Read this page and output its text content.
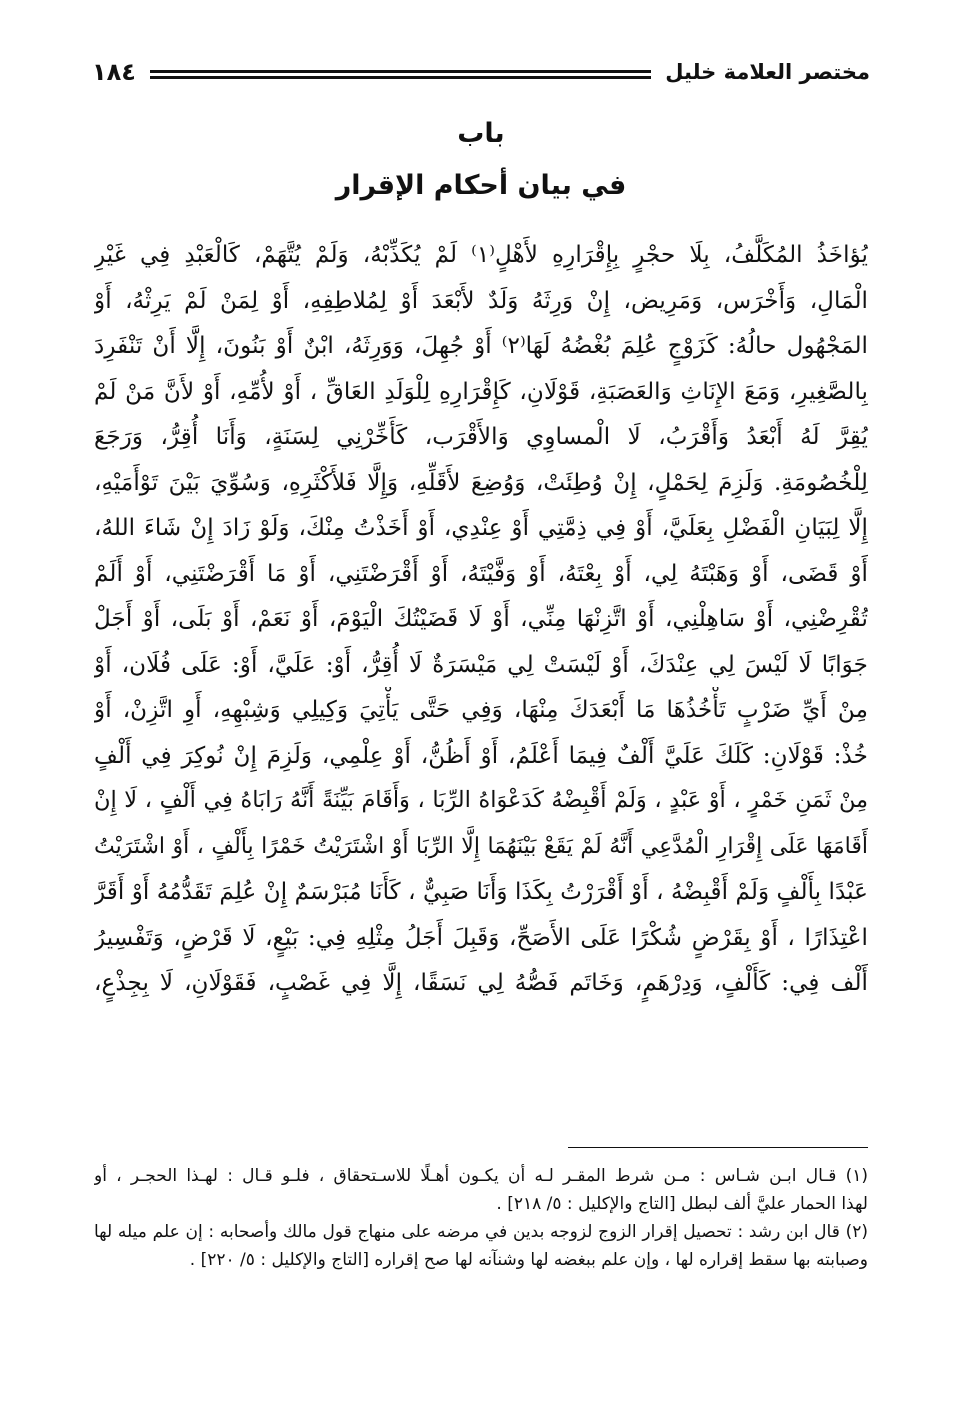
١٨٤	مختصر العلامة خليل
باب
في بيان أحكام الإقرار
يُؤاخَذُ المُكَلَّفُ، بِلَا حجْرٍ بِإِقْرَارِهِ لأَهْلٍ⁽١⁾ لَمْ يُكَذِّبْهُ، وَلَمْ يُتَّهَمْ، كَالْعَبْدِ فِي غَيْرِ
الْمَالِ، وَأَخْرَس، وَمَرِيض، إِنْ وَرِثَهُ وَلَدٌ لأَبْعَدَ أَوْ لِمُلاطِفِهِ، أَوْ لِمَنْ لَمْ يَرِثْهُ، أَوْ
المَجْهُول حالُهُ: كَزَوْجٍ عُلِمَ بُغْضُهُ لَهَا⁽٢⁾ أَوْ جُهِلَ، وَوَرِثَهُ، ابْنٌ أَوْ بَنُونَ، إِلَّا أَنْ تَنْفَرِدَ
بِالصَّغِيرِ، وَمَعَ الإِنَاثِ وَالعَصَبَةِ، قَوْلَانِ، كَإِقْرَارِهِ لِلْوَلَدِ العَاقِّ ، أَوْ لأُمِّهِ، أَوْ لأَنَّ مَنْ لَمْ
يُقِرَّ لَهُ أَبْعَدُ وَأَقْرَبُ، لَا الْمساوِي وَالأَقْرَب، كَأَخِّرْنِي لِسَنَةٍ، وَأَنَا أُقِرُّ، وَرَجَعَ
لِلْخُصُومَةِ. وَلَزِمَ لِحَمْلٍ، إِنْ وُطِئَتْ، وَوُضِعَ لأَقَلِّهِ، وَإِلَّا فَلأَكْثَرِهِ، وَسُوِّيَ بَيْنَ تَوْأَمَيْهِ،
إِلَّا لِبَيَانِ الْفَضْلِ بِعَلَيَّ، أَوْ فِي ذِمَّتِي أَوْ عِنْدِي، أَوْ أَخَذْتُ مِنْكَ، وَلَوْ زَادَ إِنْ شَاءَ اللهُ،
أَوْ قَضَى، أَوْ وَهَبْتَهُ لِي، أَوْ بِعْتَهُ، أَوْ وَفَّيْتَهُ، أَوْ أَقْرَضْتَنِي، أَوْ مَا أَقْرَضْتَنِي، أَوْ أَلَمْ
تُقْرِضْنِي، أَوْ سَاهِلْنِي، أَوْ اتَّزِنْهَا مِنِّي، أَوْ لَا قَضَيْتُكَ الْيَوْمَ، أَوْ نَعَمْ، أَوْ بَلَى، أَوْ أَجَلْ
جَوَابًا لَا لَيْسَ لِي عِنْدَكَ، أَوْ لَيْسَتْ لِي مَيْسَرَةٌ لَا أُقِرُّ، أَوْ: عَلَيَّ، أَوْ: عَلَى فُلَان، أَوْ
مِنْ أَيِّ ضَرْبٍ تَأْخُذُهَا مَا أَبْعَدَكَ مِنْهَا، وَفِي حَتَّى يَأْتِيَ وَكِيلِي وَشِبْهِهِ، أَوِ اتَّزِنْ، أَوْ
خُذْ: قَوْلَانِ: كَلَكَ عَلَيَّ أَلْفٌ فِيمَا أَعْلَمُ، أَوْ أَظُنُّ، أَوْ عِلْمِي، وَلَزِمَ إِنْ نُوكِرَ فِي أَلْفٍ
مِنْ ثَمَنِ خَمْرٍ ، أَوْ عَبْدٍ ، وَلَمْ أَقْبِضْهُ كَدَعْوَاهُ الرِّبَا ، وَأَقَامَ بَيِّنَةً أَنَّهُ رَابَاهُ فِي أَلْفٍ ، لَا إِنْ
أَقَامَهَا عَلَى إِقْرَارِ الْمُدَّعِي أَنَّهُ لَمْ يَقَعْ بَيْنَهُمَا إِلَّا الرِّبَا أَوْ اشْتَرَيْتُ خَمْرًا بِأَلْفٍ ، أَوْ اشْتَرَيْتُ
عَبْدًا بِأَلْفٍ وَلَمْ أَقْبِضْهُ ، أَوْ أَقْرَرْتُ بِكَذَا وَأَنَا صَبِيٌّ ، كَأَنَا مُبَرْسَمٌ إِنْ عُلِمَ تَقَدُّمُهُ أَوْ أَقَرَّ
اعْتِذَارًا ، أَوْ بِقَرْضٍ شُكْرًا عَلَى الأَصَحِّ، وَقَبِلَ أَجَلُ مِثْلِهِ فِي: بَيْعٍ، لَا قَرْضٍ، وَتَفْسِيرُ
أَلْف فِي: كَأَلْفٍ، وَدِرْهَمٍ، وَخَاتَم فَصُّهُ لِي نَسَقًا، إِلَّا فِي غَصْبٍ، فَقَوْلَانِ، لَا بِجِذْعٍ،
(١) قـال ابـن شـاس : مـن شرط المقـر لـه أن يكـون أهـلًا للاسـتحقاق ، فلـو قـال : لهـذا الحجـر ، أو
لهذا الحمار عليَّ ألف لبطل [التاج والإكليل : ٥/ ٢١٨] .
(٢) قال ابن رشد : تحصيل إقرار الزوج لزوجه بدين في مرضه على منهاج قول مالك وأصحابه : إن علم ميله لها
وصبابته بها سقط إقراره لها ، وإن علم ببغضه لها وشنآنه لها صح إقراره [التاج والإكليل : ٥/ ٢٢٠] .
